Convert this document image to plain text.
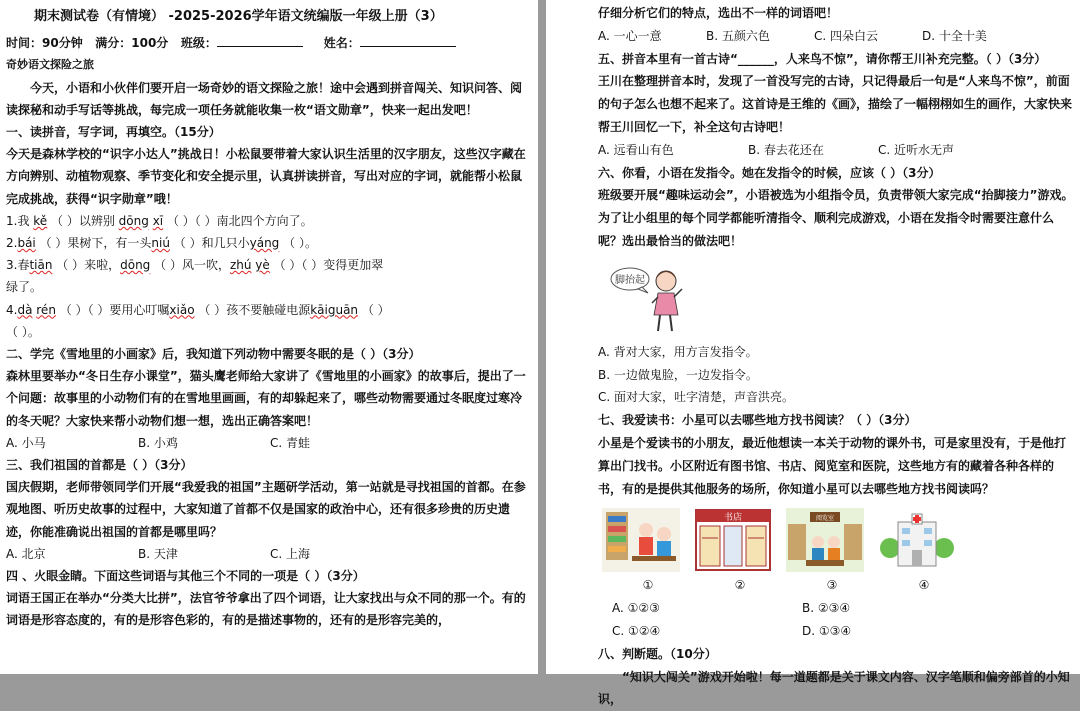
期末测试卷（有情境） -2025-2026学年语文统编版一年级上册（3）

时间：90分钟 满分：100分 班级：	姓名：

奇妙语文探险之旅

今天，小语和小伙伴们要开启一场奇妙的语文探险之旅！途中会遇到拼音闯关、知识问答、阅读探秘和动手写话等挑战，每完成一项任务就能收集一枚“语文勋章”，快来一起出发吧！

一、读拼音，写字词，再填空。（15分）

今天是森林学校的“识字小达人”挑战日！小松鼠要带着大家认识生活里的汉字朋友，这些汉字藏在方向辨别、动植物观察、季节变化和安全提示里，认真拼读拼音，写出对应的字词，就能帮小松鼠完成挑战，获得“识字勋章”哦！

1.我 kě （ ）以辨别 dōng xī （ ）（ ）南北四个方向了。

2.bái （ ）果树下，有一头niú （ ）和几只小yáng （ ）。

3.春tiān （ ）来啦，dōng （ ）风一吹，zhú yè （ ）（ ）变得更加翠

绿了。

4.dà rén （ ）（ ）要用心叮嘱xiǎo （ ）孩不要触碰电源kāiguān （ ）

（ ）。

二、学完《雪地里的小画家》后，我知道下列动物中需要冬眠的是（ ）（3分）

森林里要举办“冬日生存小课堂”，猫头鹰老师给大家讲了《雪地里的小画家》的故事后，提出了一个问题：故事里的小动物们有的在雪地里画画，有的却躲起来了，哪些动物需要通过冬眠度过寒冷的冬天呢？大家快来帮小动物们想一想，选出正确答案吧！

A. 小马	B. 小鸡	C. 青蛙

三、我们祖国的首都是（ ）（3分）

国庆假期，老师带领同学们开展“我爱我的祖国”主题研学活动，第一站就是寻找祖国的首都。在参观地图、听历史故事的过程中，大家知道了首都不仅是国家的政治中心，还有很多珍贵的历史遗迹，你能准确说出祖国的首都是哪里吗？

A. 北京	B. 天津	C. 上海

四 、火眼金睛。下面这些词语与其他三个不同的一项是（ ）（3分）

词语王国正在举办“分类大比拼”，法官爷爷拿出了四个词语，让大家找出与众不同的那一个。有的词语是形容态度的，有的是形容色彩的，有的是描述事物的，还有的是形容完美的，

仔细分析它们的特点，选出不一样的词语吧！

A. 一心一意	B. 五颜六色	C. 四朵白云	D. 十全十美

五、拼音本里有一首古诗“______，人来鸟不惊”，请你帮王川补充完整。（ ）（3分）

王川在整理拼音本时，发现了一首没写完的古诗，只记得最后一句是“人来鸟不惊”，前面的句子怎么也想不起来了。这首诗是王维的《画》，描绘了一幅栩栩如生的画作，大家快来帮王川回忆一下，补全这句古诗吧！

A. 远看山有色	B. 春去花还在	C. 近听水无声

六、你看，小语在发指令。她在发指令的时候，应该（ ）（3分）

班级要开展“趣味运动会”，小语被选为小组指令员，负责带领大家完成“抬脚接力”游戏。为了让小组里的每个同学都能听清指令、顺利完成游戏，小语在发指令时需要注意什么呢？选出最恰当的做法吧！

脚抬起

A. 背对大家，用方言发指令。

B. 一边做鬼脸，一边发指令。

C. 面对大家，吐字清楚，声音洪亮。

七、我爱读书：小星可以去哪些地方找书阅读？（ ）（3分）

小星是个爱读书的小朋友，最近他想读一本关于动物的课外书，可是家里没有，于是他打算出门找书。小区附近有图书馆、书店、阅览室和医院，这些地方有的藏着各种各样的书，有的是提供其他服务的场所，你知道小星可以去哪些地方找书阅读吗？

书店	阅览室
①	②	③	④

A. ①②③	B. ②③④

C. ①②④	D. ①③④

八、判断题。（10分）

“知识大闯关”游戏开始啦！每一道题都是关于课文内容、汉字笔顺和偏旁部首的小知识，
